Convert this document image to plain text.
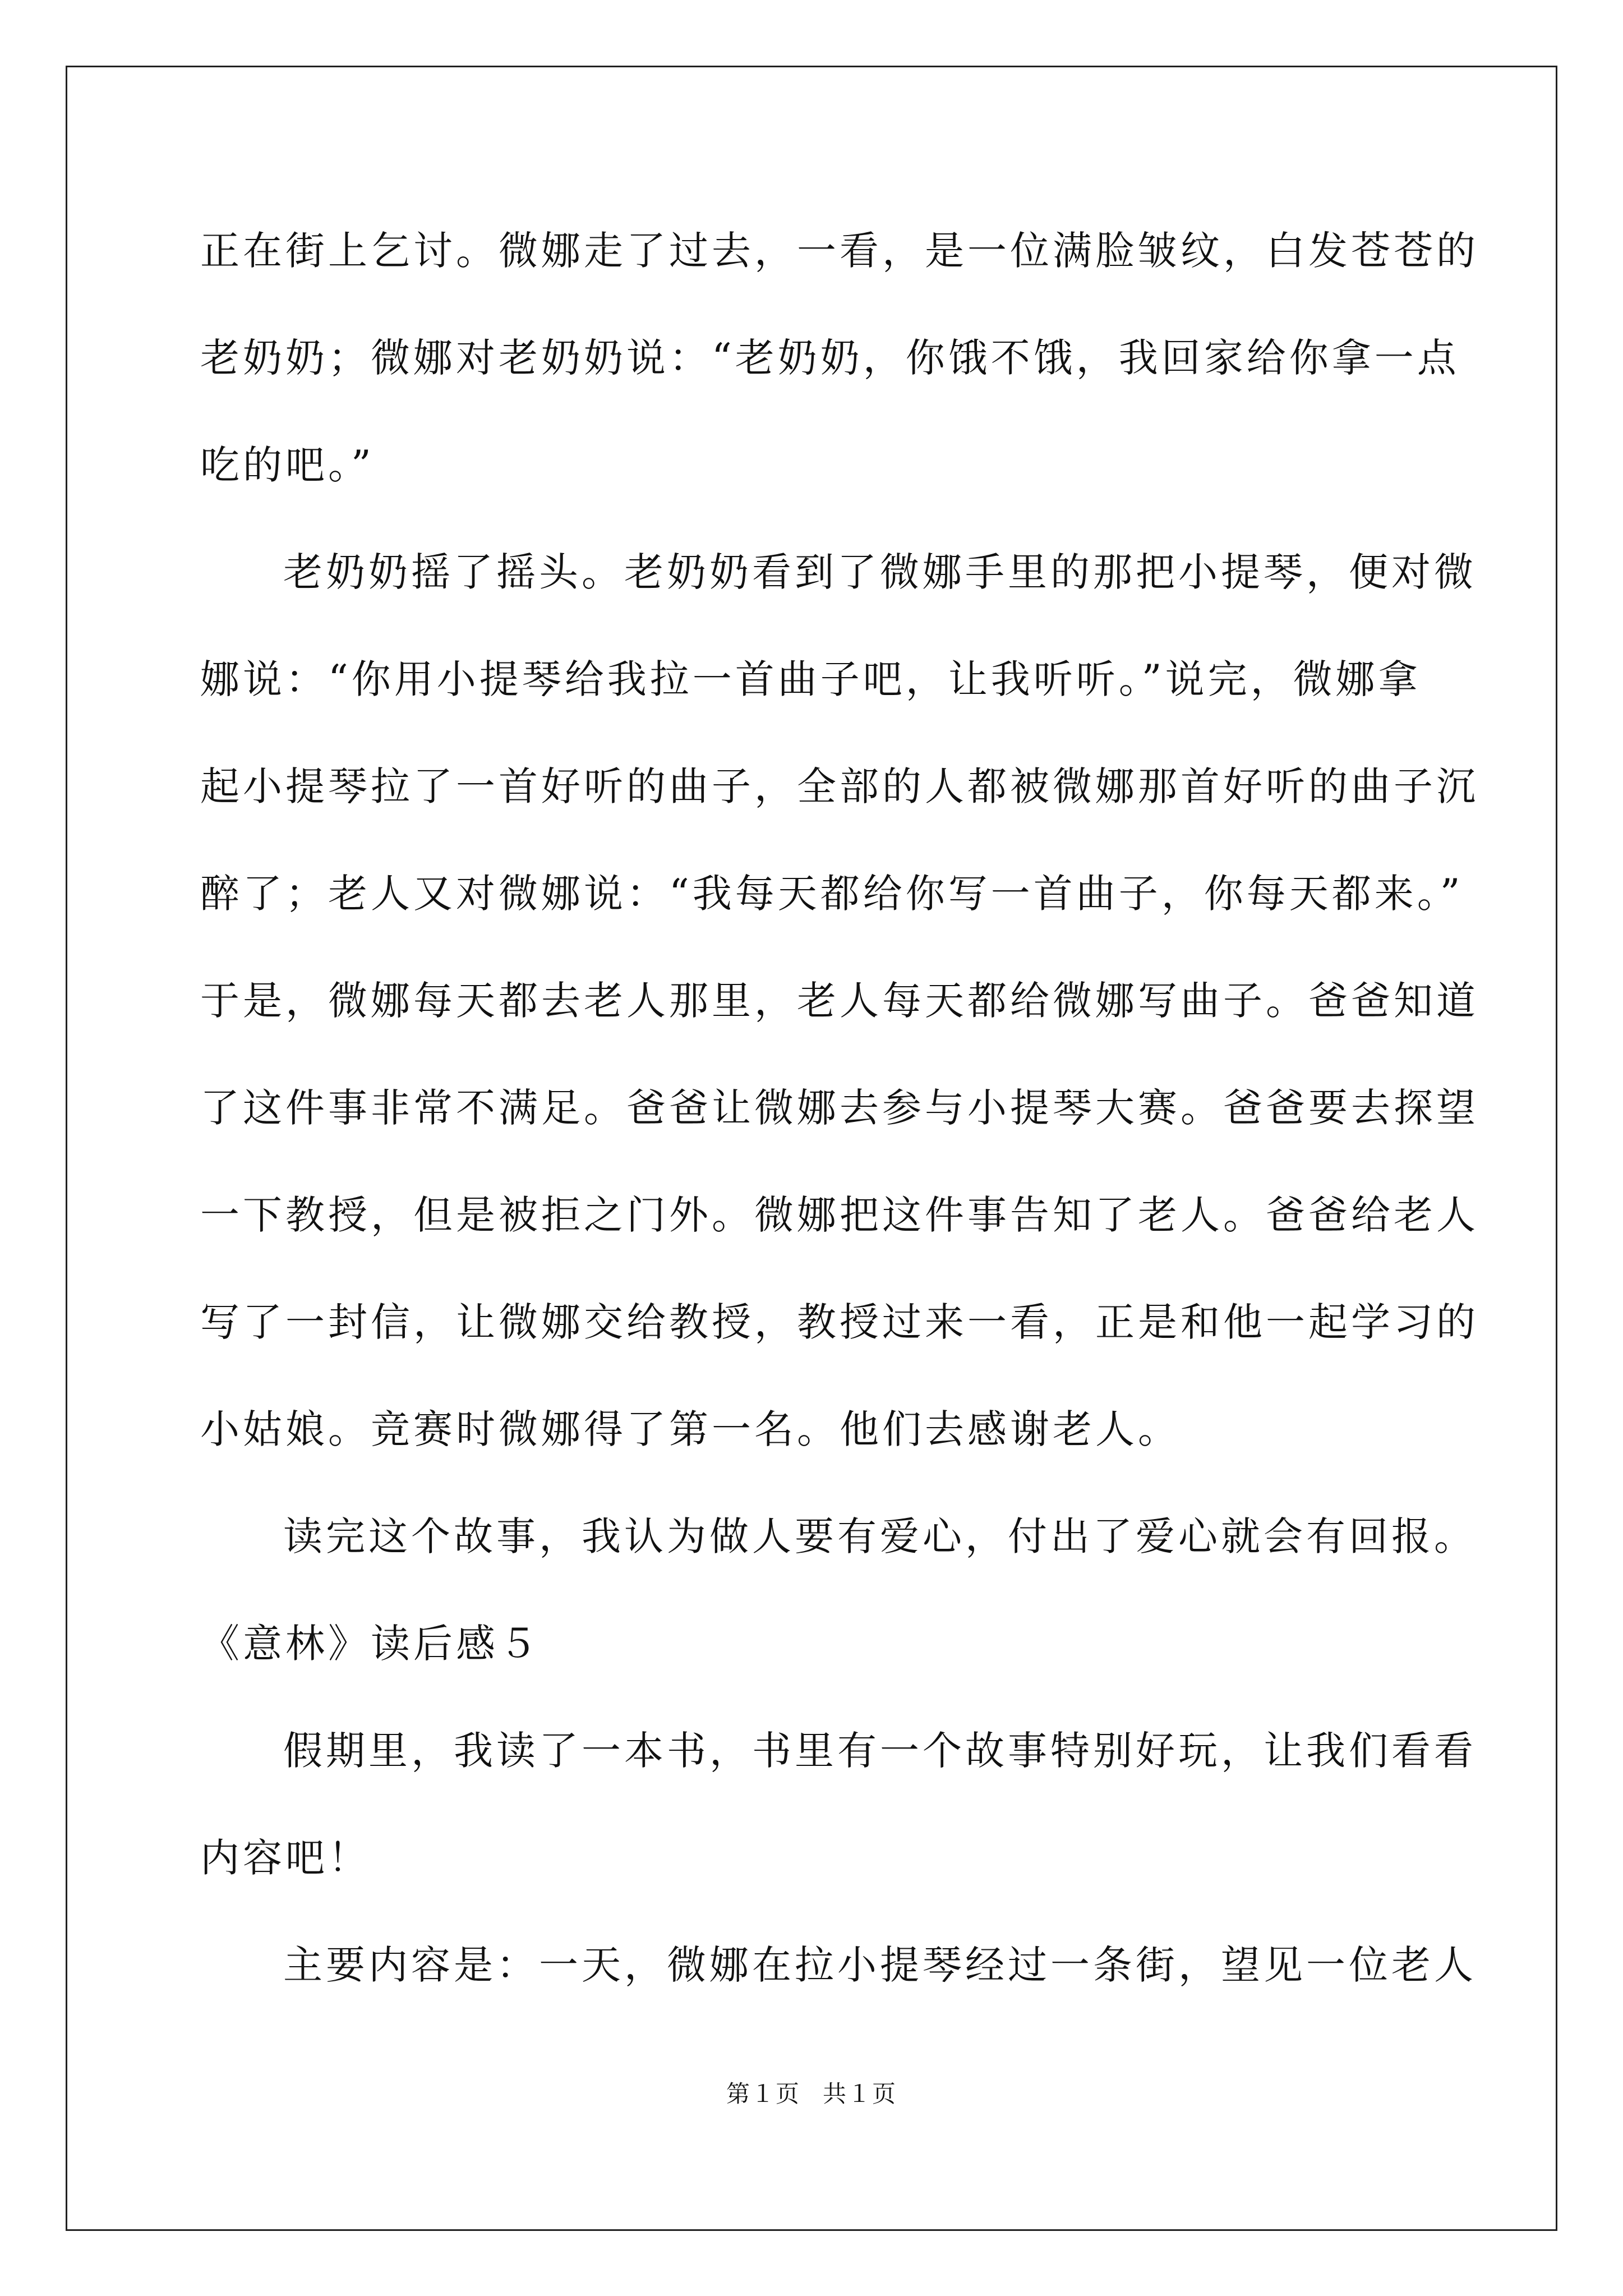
正在街上乞讨。微娜走了过去，一看，是一位满脸皱纹，白发苍苍的
老奶奶；微娜对老奶奶说：“老奶奶，你饿不饿，我回家给你拿一点
吃的吧。”
老奶奶摇了摇头。老奶奶看到了微娜手里的那把小提琴，便对微
娜说：“你用小提琴给我拉一首曲子吧，让我听听。”说完，微娜拿
起小提琴拉了一首好听的曲子，全部的人都被微娜那首好听的曲子沉
醉了；老人又对微娜说：“我每天都给你写一首曲子，你每天都来。”
于是，微娜每天都去老人那里，老人每天都给微娜写曲子。爸爸知道
了这件事非常不满足。爸爸让微娜去参与小提琴大赛。爸爸要去探望
一下教授，但是被拒之门外。微娜把这件事告知了老人。爸爸给老人
写了一封信，让微娜交给教授，教授过来一看，正是和他一起学习的
小姑娘。竞赛时微娜得了第一名。他们去感谢老人。
读完这个故事，我认为做人要有爱心，付出了爱心就会有回报。
《意林》读后感５
假期里，我读了一本书，书里有一个故事特别好玩，让我们看看
内容吧！
主要内容是：一天，微娜在拉小提琴经过一条街，望见一位老人
第１页 共１页
